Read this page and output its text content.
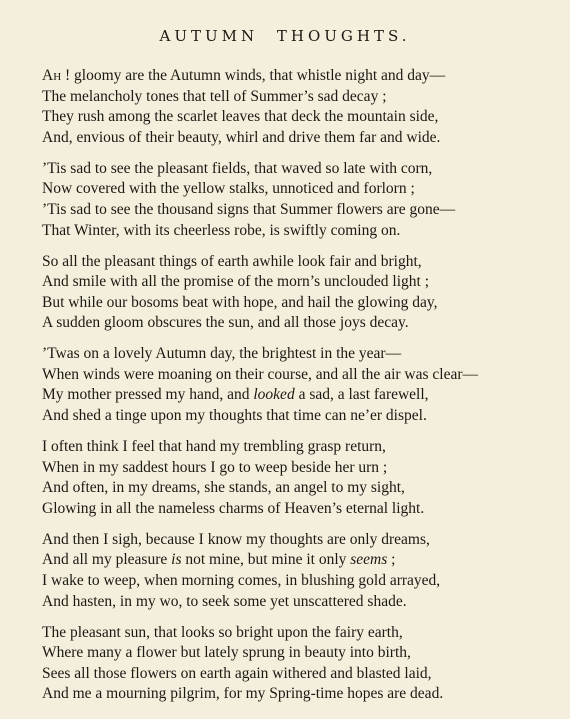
AUTUMN THOUGHTS.
Ah ! gloomy are the Autumn winds, that whistle night and day—
The melancholy tones that tell of Summer’s sad decay ;
They rush among the scarlet leaves that deck the mountain side,
And, envious of their beauty, whirl and drive them far and wide.
’Tis sad to see the pleasant fields, that waved so late with corn,
Now covered with the yellow stalks, unnoticed and forlorn ;
’Tis sad to see the thousand signs that Summer flowers are gone—
That Winter, with its cheerless robe, is swiftly coming on.
So all the pleasant things of earth awhile look fair and bright,
And smile with all the promise of the morn’s unclouded light ;
But while our bosoms beat with hope, and hail the glowing day,
A sudden gloom obscures the sun, and all those joys decay.
’Twas on a lovely Autumn day, the brightest in the year—
When winds were moaning on their course, and all the air was clear—
My mother pressed my hand, and looked a sad, a last farewell,
And shed a tinge upon my thoughts that time can ne’er dispel.
I often think I feel that hand my trembling grasp return,
When in my saddest hours I go to weep beside her urn ;
And often, in my dreams, she stands, an angel to my sight,
Glowing in all the nameless charms of Heaven’s eternal light.
And then I sigh, because I know my thoughts are only dreams,
And all my pleasure is not mine, but mine it only seems ;
I wake to weep, when morning comes, in blushing gold arrayed,
And hasten, in my wo, to seek some yet unscattered shade.
The pleasant sun, that looks so bright upon the fairy earth,
Where many a flower but lately sprung in beauty into birth,
Sees all those flowers on earth again withered and blasted laid,
And me a mourning pilgrim, for my Spring-time hopes are dead.
